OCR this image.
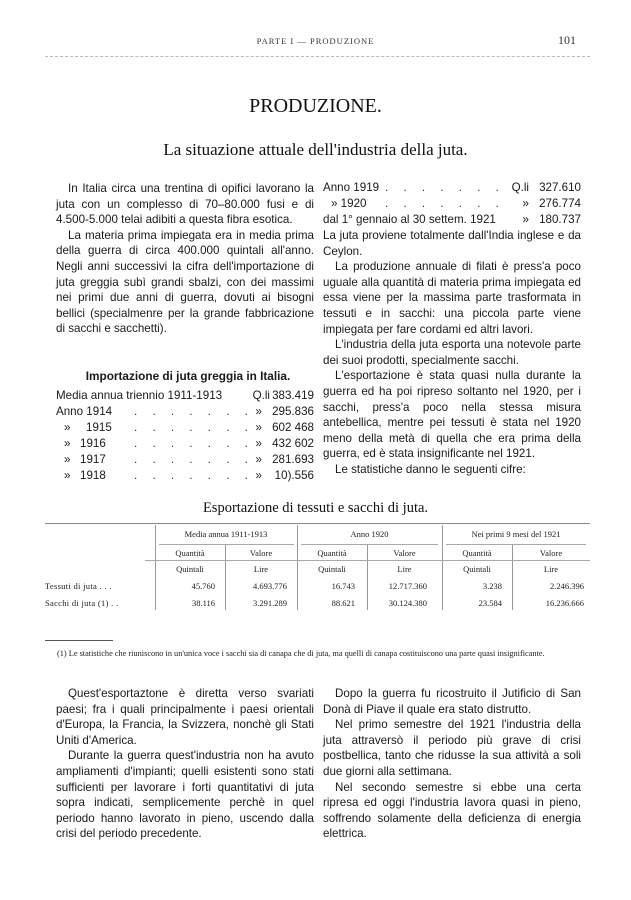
PARTE I — PRODUZIONE	101
PRODUZIONE.
La situazione attuale dell'industria della juta.

In Italia circa una trentina di opifici lavorano la juta con un complesso di 70–80.000 fusi e di 4.500-5.000 telai adibiti a questa fibra esotica.

La materia prima impiegata era in media prima della guerra di circa 400.000 quintali all'anno. Negli anni successivi la cifra dell'importazione di juta greggia subì grandi sbalzi, con dei massimi nei primi due anni di guerra, dovuti ai bisogni bellici (specialmenre per la grande fabbricazione di sacchi e sacchetti).

Importazione di juta greggia in Italia.
Media annua triennio 1911-1913	Q.li 383.419
Anno 1914 . . . . . . . » 295.836
» 1915 . . . . . . . » 602 468
» 1916 . . . . . . . » 432 602
» 1917 . . . . . . . » 281.693
» 1918 . . . . . . . » 10).556
Anno 1919 . . . . . . . Q.li 327.610
» 1920 . . . . . . . » 276.774
dal 1° gennaio al 30 settem. 1921 » 180.737

La juta proviene totalmente dall'India inglese e da Ceylon.

La produzione annuale di filati è press'a poco uguale alla quantità di materia prima impiegata ed essa viene per la massima parte trasformata in tessuti e in sacchi: una piccola parte viene impiegata per fare cordami ed altri lavori.

L'industria della juta esporta una notevole parte dei suoi prodotti, specialmente sacchi.

L'esportazione è stata quasi nulla durante la guerra ed ha poi ripreso soltanto nel 1920, per i sacchi, press'a poco nella stessa misura antebellica, mentre pei tessuti è stata nel 1920 meno della metà di quella che era prima della guerra, ed è stata insignificante nel 1921.

Le statistiche danno le seguenti cifre:

Esportazione di tessuti e sacchi di juta.
Media annua 1911-1913	Anno 1920	Nei primi 9 mesi del 1921
Quantità	Valore	Quantità	Valore	Quantità	Valore
Quintali	Lire	Quintali	Lire	Quintali	Lire
Tessuti di juta . . .	45.760	4.693.776	16.743	12.717.360	3.238	2.246.396
Sacchi di juta (1) . .	38.116	3.291.289	88.621	30.124.380	23.584	16.236.666

(1) Le statistiche che riuniscono in un'unica voce i sacchi sia di canapa che di juta, ma quelli di canapa costituiscono una parte quasi insignificante.

Quest'esportaztone è diretta verso svariati paesi; fra i quali principalmente i paesi orientali d'Europa, la Francia, la Svizzera, nonchè gli Stati Uniti d'America.

Durante la guerra quest'industria non ha avuto ampliamenti d'impianti; quelli esistenti sono stati sufficienti per lavorare i forti quantitativi di juta sopra indicati, semplicemente perchè in quel periodo hanno lavorato in pieno, uscendo dalla crisi del periodo precedente.

Dopo la guerra fu ricostruito il Jutificio di San Donà di Piave il quale era stato distrutto.

Nel primo semestre del 1921 l'industria della juta attraversò il periodo più grave di crisi postbellica, tanto che ridusse la sua attività a soli due giorni alla settimana.

Nel secondo semestre si ebbe una certa ripresa ed oggi l'industria lavora quasi in pieno, soffrendo solamente della deficienza di energia elettrica.
